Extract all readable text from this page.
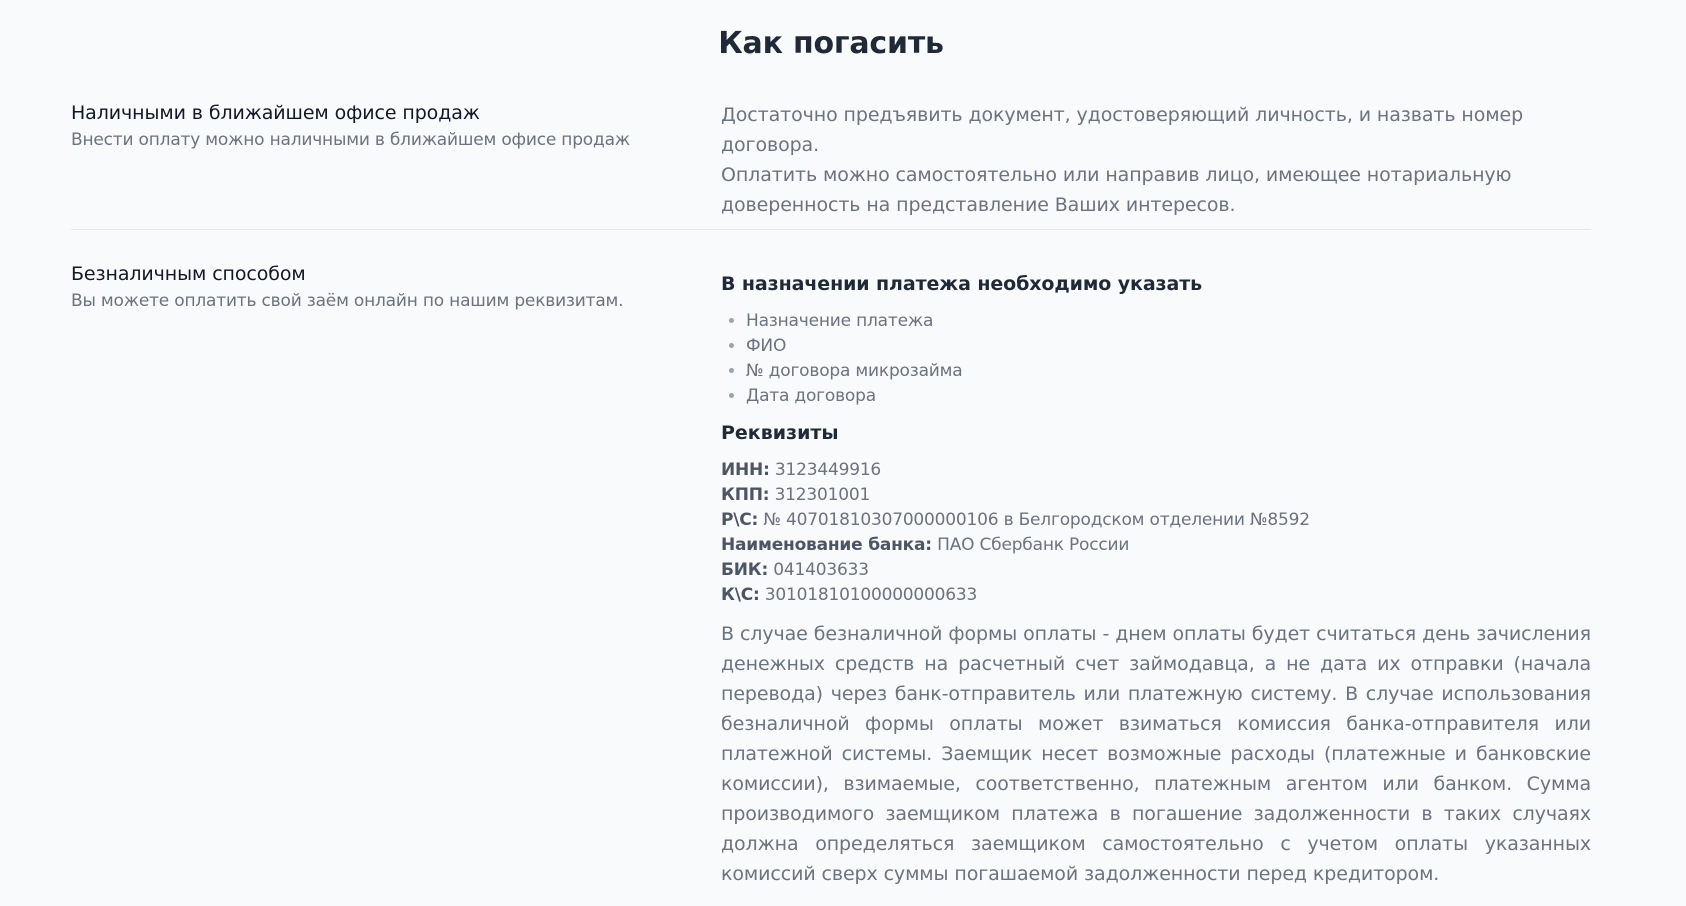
Как погасить
Наличными в ближайшем офисе продаж

Внести оплату можно наличными в ближайшем офисе продаж

Достаточно предъявить документ, удостоверяющий личность, и назвать номер договора.

Оплатить можно самостоятельно или направив лицо, имеющее нотариальную доверенность на представление Ваших интересов.

Безналичным способом

Вы можете оплатить свой заём онлайн по нашим реквизитам.

В назначении платежа необходимо указать
• Назначение платежа
• ФИО
• № договора микрозайма
• Дата договора
Реквизиты
ИНН: 3123449916
КПП: 312301001
Р\С: № 40701810307000000106 в Белгородском отделении №8592
Наименование банка: ПАО Сбербанк России
БИК: 041403633
К\С: 30101810100000000633

В случае безналичной формы оплаты - днем оплаты будет считаться день зачисления денежных средств на расчетный счет займодавца, а не дата их отправки (начала перевода) через банк-отправитель или платежную систему. В случае использования безналичной формы оплаты может взиматься комиссия банка-отправителя или платежной системы. Заемщик несет возможные расходы (платежные и банковские комиссии), взимаемые, соответственно, платежным агентом или банком. Сумма производимого заемщиком платежа в погашение задолженности в таких случаях должна определяться заемщиком самостоятельно с учетом оплаты указанных комиссий сверх суммы погашаемой задолженности перед кредитором.
